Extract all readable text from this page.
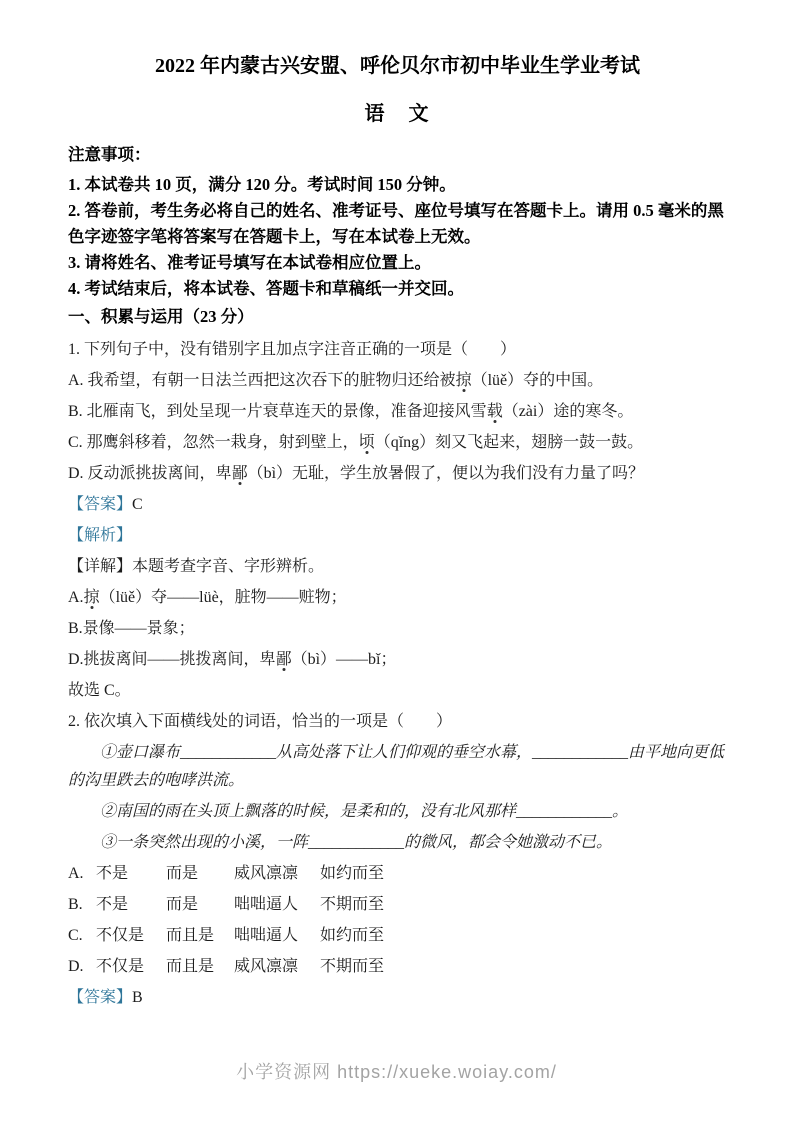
2022 年内蒙古兴安盟、呼伦贝尔市初中毕业生学业考试
语　文

注意事项：

1. 本试卷共 10 页，满分 120 分。考试时间 150 分钟。

2. 答卷前，考生务必将自己的姓名、准考证号、座位号填写在答题卡上。请用 0.5 毫米的黑色字迹签字笔将答案写在答题卡上，写在本试卷上无效。

3. 请将姓名、准考证号填写在本试卷相应位置上。

4. 考试结束后，将本试卷、答题卡和草稿纸一并交回。

一、积累与运用（23 分）

1. 下列句子中，没有错别字且加点字注音正确的一项是（　　）

A. 我希望，有朝一日法兰西把这次吞下的脏物归还给被掠（lüě）夺的中国。

B. 北雁南飞，到处呈现一片衰草连天的景像，准备迎接风雪载（zài）途的寒冬。

C. 那鹰斜移着，忽然一栽身，射到壁上，顷（qǐng）刻又飞起来，翅膀一鼓一鼓。

D. 反动派挑拔离间，卑鄙（bì）无耻，学生放暑假了，便以为我们没有力量了吗？

【答案】C

【解析】

【详解】本题考查字音、字形辨析。

A.掠（lüě）夺——lüè，脏物——赃物；

B.景像——景象；

D.挑拔离间——挑拨离间，卑鄙（bì）——bǐ；

故选 C。

2. 依次填入下面横线处的词语，恰当的一项是（　　）

①壶口瀑布____________从高处落下让人们仰观的垂空水幕，____________由平地向更低的沟里跌去的咆哮洪流。

②南国的雨在头顶上飘落的时候，是柔和的，没有北风那样____________。

③一条突然出现的小溪，一阵____________的微风，都会令她激动不已。

A. 不是 而是 威风凛凛 如约而至

B. 不是 而是 咄咄逼人 不期而至

C. 不仅是 而且是 咄咄逼人 如约而至

D. 不仅是 而且是 威风凛凛 不期而至

【答案】B

小学资源网 https://xueke.woiay.com/
